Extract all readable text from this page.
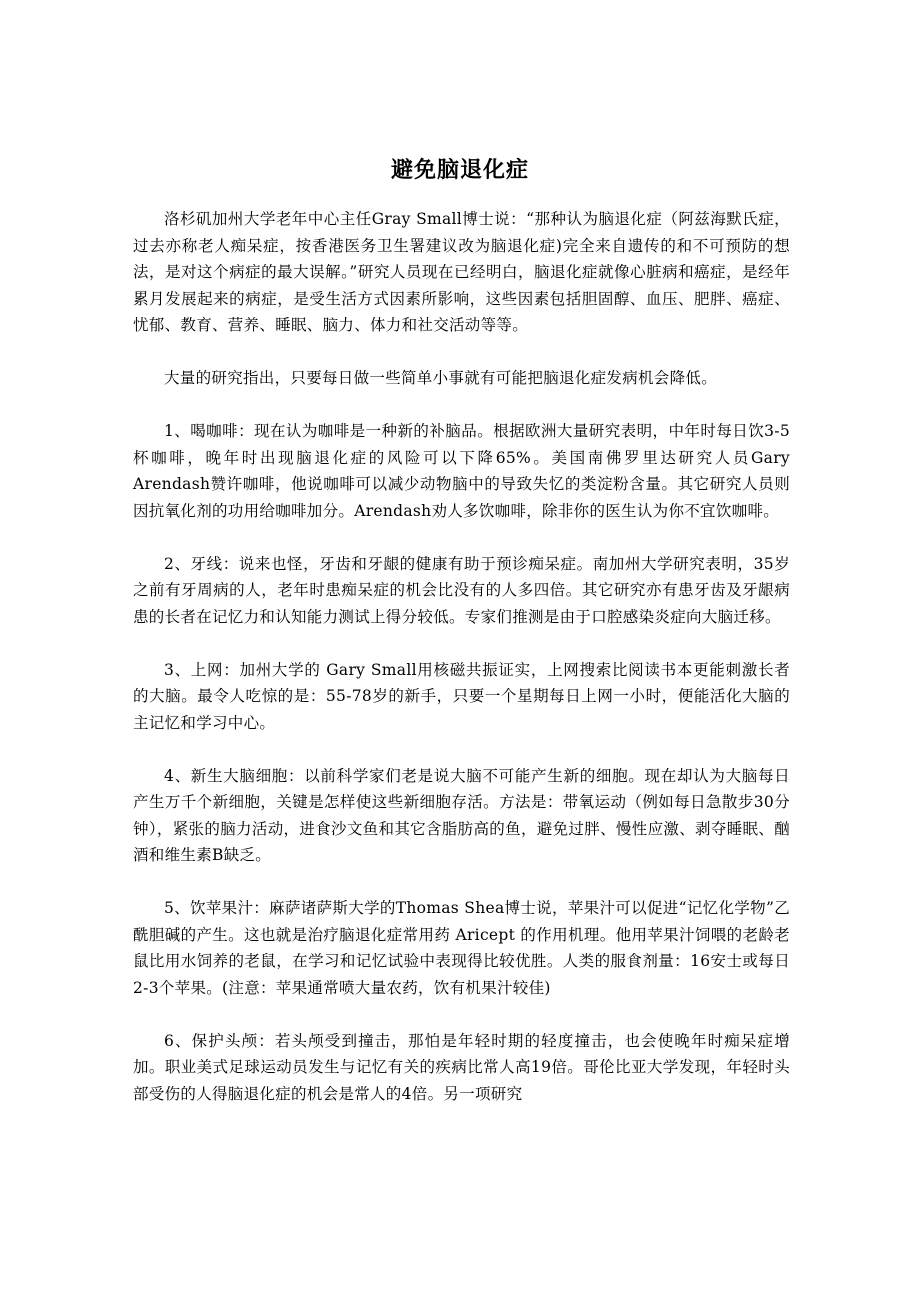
避免脑退化症

洛杉矶加州大学老年中心主任Gray Small博士说：“那种认为脑退化症（阿兹海默氏症，过去亦称老人痴呆症，按香港医务卫生署建议改为脑退化症)完全来自遗传的和不可预防的想法，是对这个病症的最大误解。”研究人员现在已经明白，脑退化症就像心脏病和癌症，是经年累月发展起来的病症，是受生活方式因素所影响，这些因素包括胆固醇、血压、肥胖、癌症、忧郁、教育、营养、睡眠、脑力、体力和社交活动等等。

大量的研究指出，只要每日做一些简单小事就有可能把脑退化症发病机会降低。

1、喝咖啡：现在认为咖啡是一种新的补脑品。根据欧洲大量研究表明，中年时每日饮3-5杯咖啡，晚年时出现脑退化症的风险可以下降65%。美国南佛罗里达研究人员Gary Arendash赞许咖啡，他说咖啡可以减少动物脑中的导致失忆的类淀粉含量。其它研究人员则因抗氧化剂的功用给咖啡加分。Arendash劝人多饮咖啡，除非你的医生认为你不宜饮咖啡。

2、牙线：说来也怪，牙齿和牙龈的健康有助于预诊痴呆症。南加州大学研究表明，35岁之前有牙周病的人，老年时患痴呆症的机会比没有的人多四倍。其它研究亦有患牙齿及牙龈病患的长者在记忆力和认知能力测试上得分较低。专家们推测是由于口腔感染炎症向大脑迁移。

3、上网：加州大学的 Gary Small用核磁共振证实，上网搜索比阅读书本更能刺激长者的大脑。最令人吃惊的是：55-78岁的新手，只要一个星期每日上网一小时，便能活化大脑的主记忆和学习中心。

4、新生大脑细胞：以前科学家们老是说大脑不可能产生新的细胞。现在却认为大脑每日产生万千个新细胞，关键是怎样使这些新细胞存活。方法是：带氧运动（例如每日急散步30分钟），紧张的脑力活动，进食沙文鱼和其它含脂肪高的鱼，避免过胖、慢性应激、剥夺睡眠、酗酒和维生素B缺乏。

5、饮苹果汁：麻萨诸萨斯大学的Thomas Shea博士说，苹果汁可以促进“记忆化学物”乙酰胆碱的产生。这也就是治疗脑退化症常用药 Aricept 的作用机理。他用苹果汁饲喂的老龄老鼠比用水饲养的老鼠，在学习和记忆试验中表现得比较优胜。人类的服食剂量：16安士或每日2-3个苹果。(注意：苹果通常喷大量农药，饮有机果汁较佳)

6、保护头颅：若头颅受到撞击，那怕是年轻时期的轻度撞击，也会使晚年时痴呆症增加。职业美式足球运动员发生与记忆有关的疾病比常人高19倍。哥伦比亚大学发现，年轻时头部受伤的人得脑退化症的机会是常人的4倍。另一项研究
